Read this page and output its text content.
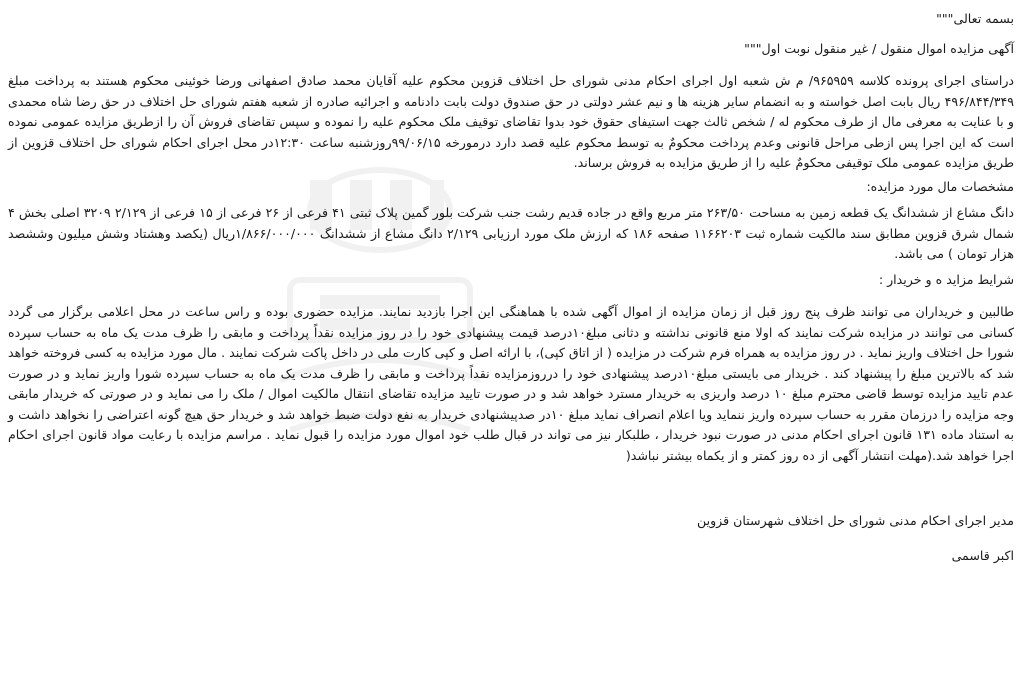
بسمه تعالی"""

آگهی مزایده اموال منقول / غیر منقول نوبت اول"""

دراستای اجرای پرونده کلاسه ۹۶۵۹۵۹/ م ش شعبه اول اجرای احکام مدنی شورای حل اختلاف قزوین محکوم علیه آقایان محمد صادق اصفهانی ورضا خوئینی محکوم هستند به پرداخت مبلغ ۴۹۶/۸۴۴/۳۴۹ ریال بابت اصل خواسته و به انضمام سایر هزینه ها و نیم عشر دولتی در حق صندوق دولت بابت دادنامه و اجرائیه صادره از شعبه هفتم شورای حل اختلاف در حق رضا شاه محمدی و با عنایت به معرفی مال از طرف محکوم له / شخص ثالث جهت استیفای حقوق خود بدوا تقاضای توقیف ملک محکوم علیه را نموده و سپس تقاضای فروش آن را ازطریق مزایده عمومی نموده است که این اجرا پس ازطی مراحل قانونی وعدم پرداخت محکومٌ به توسط محکوم علیه قصد دارد درمورخه ۹۹/۰۶/۱۵روزشنبه ساعت ۱۲:۳۰در محل اجرای احکام شورای حل اختلاف قزوین از طریق مزایده عمومی ملک توقیفی محکومٌ علیه را از طریق مزایده به فروش برساند.

مشخصات مال مورد مزایده:

دانگ مشاع از ششدانگ یک قطعه زمین به مساحت ۲۶۳/۵۰ متر مربع واقع در جاده قدیم رشت جنب شرکت بلور گمین پلاک ثبتی ۴۱ فرعی از ۲۶ فرعی از ۱۵ فرعی از ۲/۱۲۹ ۳۲۰۹ اصلی بخش ۴ شمال شرق قزوین مطابق سند مالکیت شماره ثبت ۱۱۶۶۲۰۳ صفحه ۱۸۶ که ارزش ملک مورد ارزیابی ۲/۱۲۹ دانگ مشاع از ششدانگ ۱/۸۶۶/۰۰۰/۰۰۰ریال (یکصد وهشتاد وشش میلیون وششصد هزار تومان ) می باشد.

شرایط مزاید ه و خریدار :

طالبین و خریداران می توانند ظرف پنج روز قبل از زمان مزایده از اموال آگهی شده با هماهنگی این اجرا بازدید نمایند. مزایده حضوری بوده و راس ساعت در محل اعلامی برگزار می گردد کسانی می توانند در مزایده شرکت نمایند که اولا منع قانونی نداشته و دثانی مبلغ۱۰درصد قیمت پیشنهادی خود را در روز مزایده نقداً پرداخت و مابقی را ظرف مدت یک ماه به حساب سپرده شورا حل اختلاف واریز نماید . در روز مزایده به همراه فرم شرکت در مزایده ( از اتاق کپی)، با ارائه اصل و کپی کارت ملی در داخل پاکت شرکت نمایند . مال مورد مزایده به کسی فروخته خواهد شد که بالاترین مبلغ را پیشنهاد کند . خریدار می بایستی مبلغ۱۰درصد پیشنهادی خود را درروزمزایده نقداً پرداخت و مابقی را ظرف مدت یک ماه به حساب سپرده شورا واریز نماید و در صورت عدم تایید مزایده توسط قاضی محترم مبلغ ۱۰ درصد واریزی به خریدار مسترد خواهد شد و در صورت تایید مزایده تقاضای انتقال مالکیت اموال / ملک را می نماید و در صورتی که خریدار مابقی وجه مزایده را درزمان مقرر به حساب سپرده واریز ننماید ویا اعلام انصراف نماید مبلغ ۱۰در صدپیشنهادی خریدار به نفع دولت ضبط خواهد شد و خریدار حق هیچ گونه اعتراضی را نخواهد داشت و به استناد ماده ۱۳۱ قانون اجرای احکام مدنی در صورت نبود خریدار ، طلبکار نیز می تواند در قبال طلب خود اموال مورد مزایده را قبول نماید . مراسم مزایده با رعایت مواد قانون اجرای احکام اجرا خواهد شد.(مهلت انتشار آگهی از ده روز کمتر و از یکماه بیشتر نباشد(

مدیر اجرای احکام مدنی شورای حل اختلاف شهرستان قزوین

اکبر قاسمی
